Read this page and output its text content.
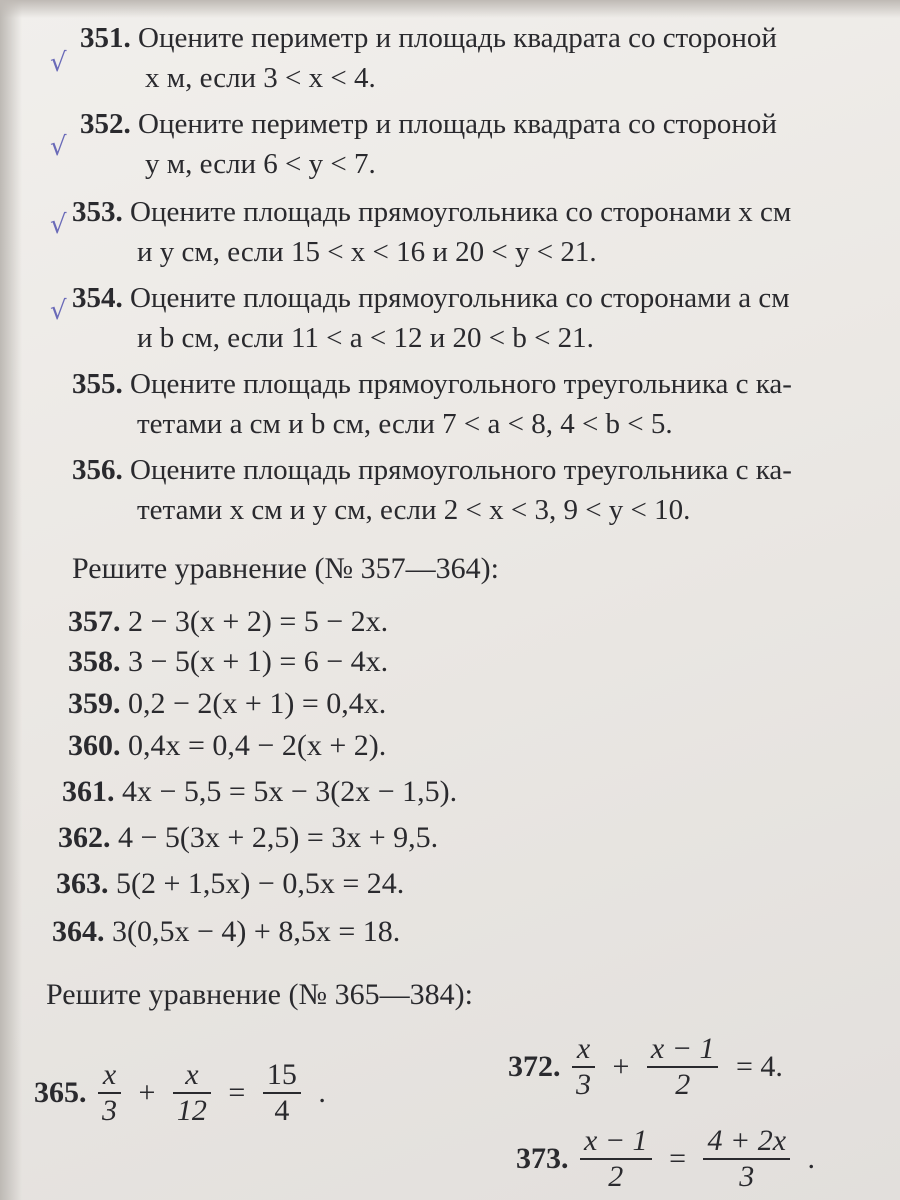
√
351. Оцените периметр и площадь квадрата со стороной
x м, если 3 < x < 4.
√
352. Оцените периметр и площадь квадрата со стороной
y м, если 6 < y < 7.
√ 353. Оцените площадь прямоугольника со сторонами x см
и y см, если 15 < x < 16 и 20 < y < 21.
√ 354. Оцените площадь прямоугольника со сторонами a см
и b см, если 11 < a < 12 и 20 < b < 21.
355. Оцените площадь прямоугольного треугольника с ка-
тетами a см и b см, если 7 < a < 8, 4 < b < 5.
356. Оцените площадь прямоугольного треугольника с ка-
тетами x см и y см, если 2 < x < 3, 9 < y < 10.
Решите уравнение (№ 357—364):
357. 2 − 3(x + 2) = 5 − 2x.
358. 3 − 5(x + 1) = 6 − 4x.
359. 0,2 − 2(x + 1) = 0,4x.
360. 0,4x = 0,4 − 2(x + 2).
361. 4x − 5,5 = 5x − 3(2x − 1,5).
362. 4 − 5(3x + 2,5) = 3x + 9,5.
363. 5(2 + 1,5x) − 0,5x = 24.
364. 3(0,5x − 4) + 8,5x = 18.
Решите уравнение (№ 365—384):
365. $\frac{x}{3} + \frac{x}{12} = \frac{15}{4}$ .
372. $\frac{x}{3} + \frac{x - 1}{2} = 4$.
373. $\frac{x - 1}{2} = \frac{4 + 2x}{3}$ .
